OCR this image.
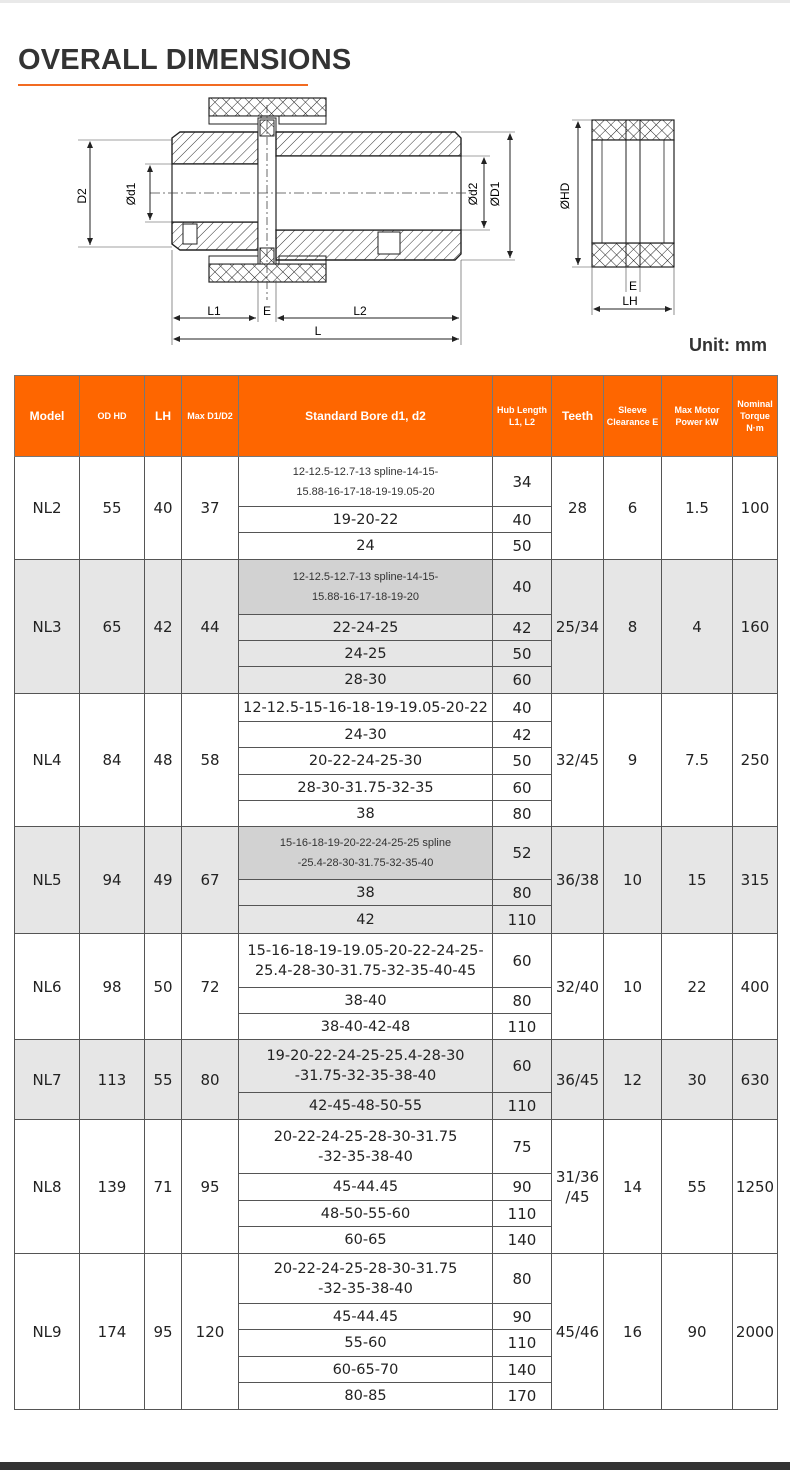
OVERALL DIMENSIONS
D2	Ød1	Ød2 ØD1
L1	E	L2
L
ØHD
E
LH
Unit: mm
Model	OD HD	LH	Max D1/D2	Standard Bore d1, d2	Hub Length L1, L2	Teeth	Sleeve Clearance E	Max Motor Power kW	Nominal Torque N·m
NL2	55	40	37	12-12.5-12.7-13 spline-14-15-
15.88-16-17-18-19-19.05-20	34	28	6	1.5	100
				19-20-22	40				
				24	50				
NL3	65	42	44	12-12.5-12.7-13 spline-14-15-
15.88-16-17-18-19-20	40	25/34	8	4	160
				22-24-25	42				
				24-25	50				
				28-30	60				
NL4	84	48	58	12-12.5-15-16-18-19-19.05-20-22	40	32/45	9	7.5	250
				24-30	42				
				20-22-24-25-30	50				
				28-30-31.75-32-35	60				
				38	80				
NL5	94	49	67	15-16-18-19-20-22-24-25-25 spline
-25.4-28-30-31.75-32-35-40	52	36/38	10	15	315
				38	80				
				42	110				
NL6	98	50	72	15-16-18-19-19.05-20-22-24-25-
25.4-28-30-31.75-32-35-40-45	60	32/40	10	22	400
				38-40	80				
				38-40-42-48	110				
NL7	113	55	80	19-20-22-24-25-25.4-28-30
-31.75-32-35-38-40	60	36/45	12	30	630
				42-45-48-50-55	110				
NL8	139	71	95	20-22-24-25-28-30-31.75
-32-35-38-40	75	31/36
/45	14	55	1250
				45-44.45	90				
				48-50-55-60	110				
				60-65	140				
NL9	174	95	120	20-22-24-25-28-30-31.75
-32-35-38-40	80	45/46	16	90	2000
				45-44.45	90				
				55-60	110				
				60-65-70	140				
				80-85	170				
